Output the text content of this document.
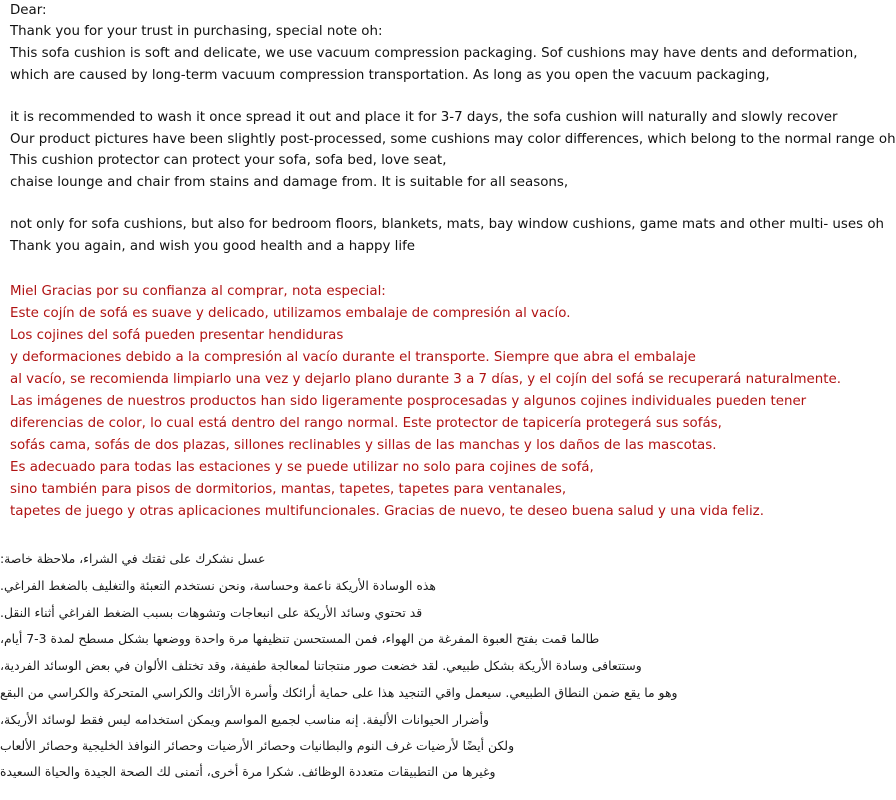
Dear:

Thank you for your trust in purchasing, special note oh:

This sofa cushion is soft and delicate, we use vacuum compression packaging. Sof cushions may have dents and deformation,

which are caused by long-term vacuum compression transportation. As long as you open the vacuum packaging,

it is recommended to wash it once spread it out and place it for 3-7 days, the sofa cushion will naturally and slowly recover

Our product pictures have been slightly post-processed, some cushions may color differences, which belong to the normal range oh

This cushion protector can protect your sofa, sofa bed, love seat,

chaise lounge and chair from stains and damage from. It is suitable for all seasons,

not only for sofa cushions, but also for bedroom floors, blankets, mats, bay window cushions, game mats and other multi- uses oh

Thank you again, and wish you good health and a happy life

Miel Gracias por su confianza al comprar, nota especial:

Este cojín de sofá es suave y delicado, utilizamos embalaje de compresión al vacío.

Los cojines del sofá pueden presentar hendiduras

y deformaciones debido a la compresión al vacío durante el transporte. Siempre que abra el embalaje

al vacío, se recomienda limpiarlo una vez y dejarlo plano durante 3 a 7 días, y el cojín del sofá se recuperará naturalmente.

Las imágenes de nuestros productos han sido ligeramente posprocesadas y algunos cojines individuales pueden tener

diferencias de color, lo cual está dentro del rango normal. Este protector de tapicería protegerá sus sofás,

sofás cama, sofás de dos plazas, sillones reclinables y sillas de las manchas y los daños de las mascotas.

Es adecuado para todas las estaciones y se puede utilizar no solo para cojines de sofá,

sino también para pisos de dormitorios, mantas, tapetes, tapetes para ventanales,

tapetes de juego y otras aplicaciones multifuncionales. Gracias de nuevo, te deseo buena salud y una vida feliz.

عسل نشكرك على ثقتك في الشراء، ملاحظة خاصة:

هذه الوسادة الأريكة ناعمة وحساسة، ونحن نستخدم التعبئة والتغليف بالضغط الفراغي.

قد تحتوي وسائد الأريكة على انبعاجات وتشوهات بسبب الضغط الفراغي أثناء النقل.

طالما قمت بفتح العبوة المفرغة من الهواء، فمن المستحسن تنظيفها مرة واحدة ووضعها بشكل مسطح لمدة 3-7 أيام،

وستتعافى وسادة الأريكة بشكل طبيعي. لقد خضعت صور منتجاتنا لمعالجة طفيفة، وقد تختلف الألوان في بعض الوسائد الفردية،

وهو ما يقع ضمن النطاق الطبيعي. سيعمل واقي التنجيد هذا على حماية أرائكك وأسرة الأرائك والكراسي المتحركة والكراسي من البقع

وأضرار الحيوانات الأليفة. إنه مناسب لجميع المواسم ويمكن استخدامه ليس فقط لوسائد الأريكة،

ولكن أيضًا لأرضيات غرف النوم والبطانيات وحصائر الأرضيات وحصائر النوافذ الخليجية وحصائر الألعاب

وغيرها من التطبيقات متعددة الوظائف. شكرا مرة أخرى، أتمنى لك الصحة الجيدة والحياة السعيدة
